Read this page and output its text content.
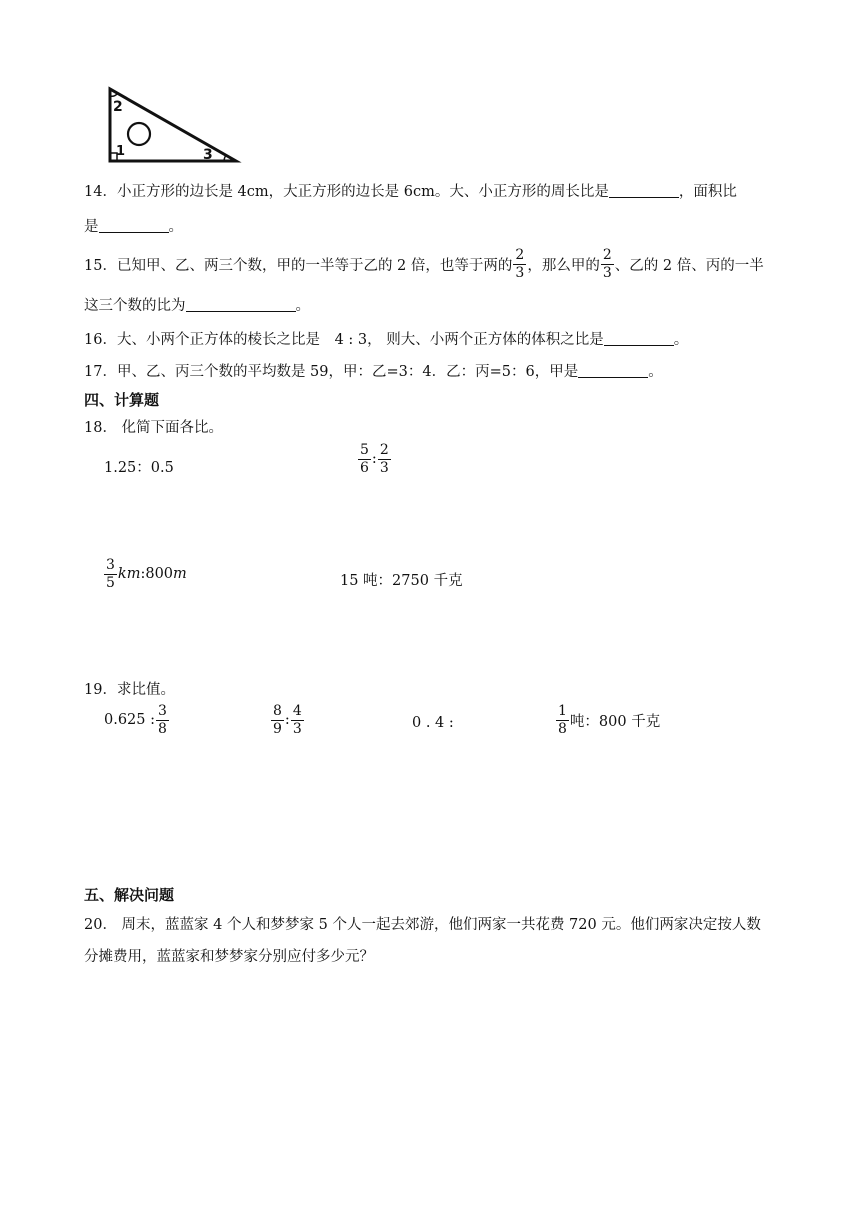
2
1	3
14．小正方形的边长是 4cm，大正方形的边长是 6cm。大、小正方形的周长比是	，面积比
是	。
15．已知甲、乙、两三个数，甲的一半等于乙的 2 倍，也等于两的 $\frac{2}{3}$ ，那么甲的 $\frac{2}{3}$ 、乙的 2 倍、丙的一半
这三个数的比为	。
16．大、小两个正方体的棱长之比是 4 : 3， 则大、小两个正方体的体积之比是	。
17．甲、乙、丙三个数的平均数是 59，甲：乙=3：4．乙：丙=5：6，甲是	。
四、计算题
18． 化简下面各比。
1.25：0.5	$\frac{5}{6}$ : $\frac{2}{3}$
$\frac{3}{5}$ km :800 m	15 吨：2750 千克
19．求比值。
0.625 : $\frac{3}{8}$	$\frac{8}{9}$ : $\frac{4}{3}$	0 . 4 :	$\frac{1}{8}$ 吨：800 千克
五、解决问题
20． 周末，蓝蓝家 4 个人和梦梦家 5 个人一起去郊游，他们两家一共花费 720 元。他们两家决定按人数
分摊费用，蓝蓝家和梦梦家分别应付多少元？
